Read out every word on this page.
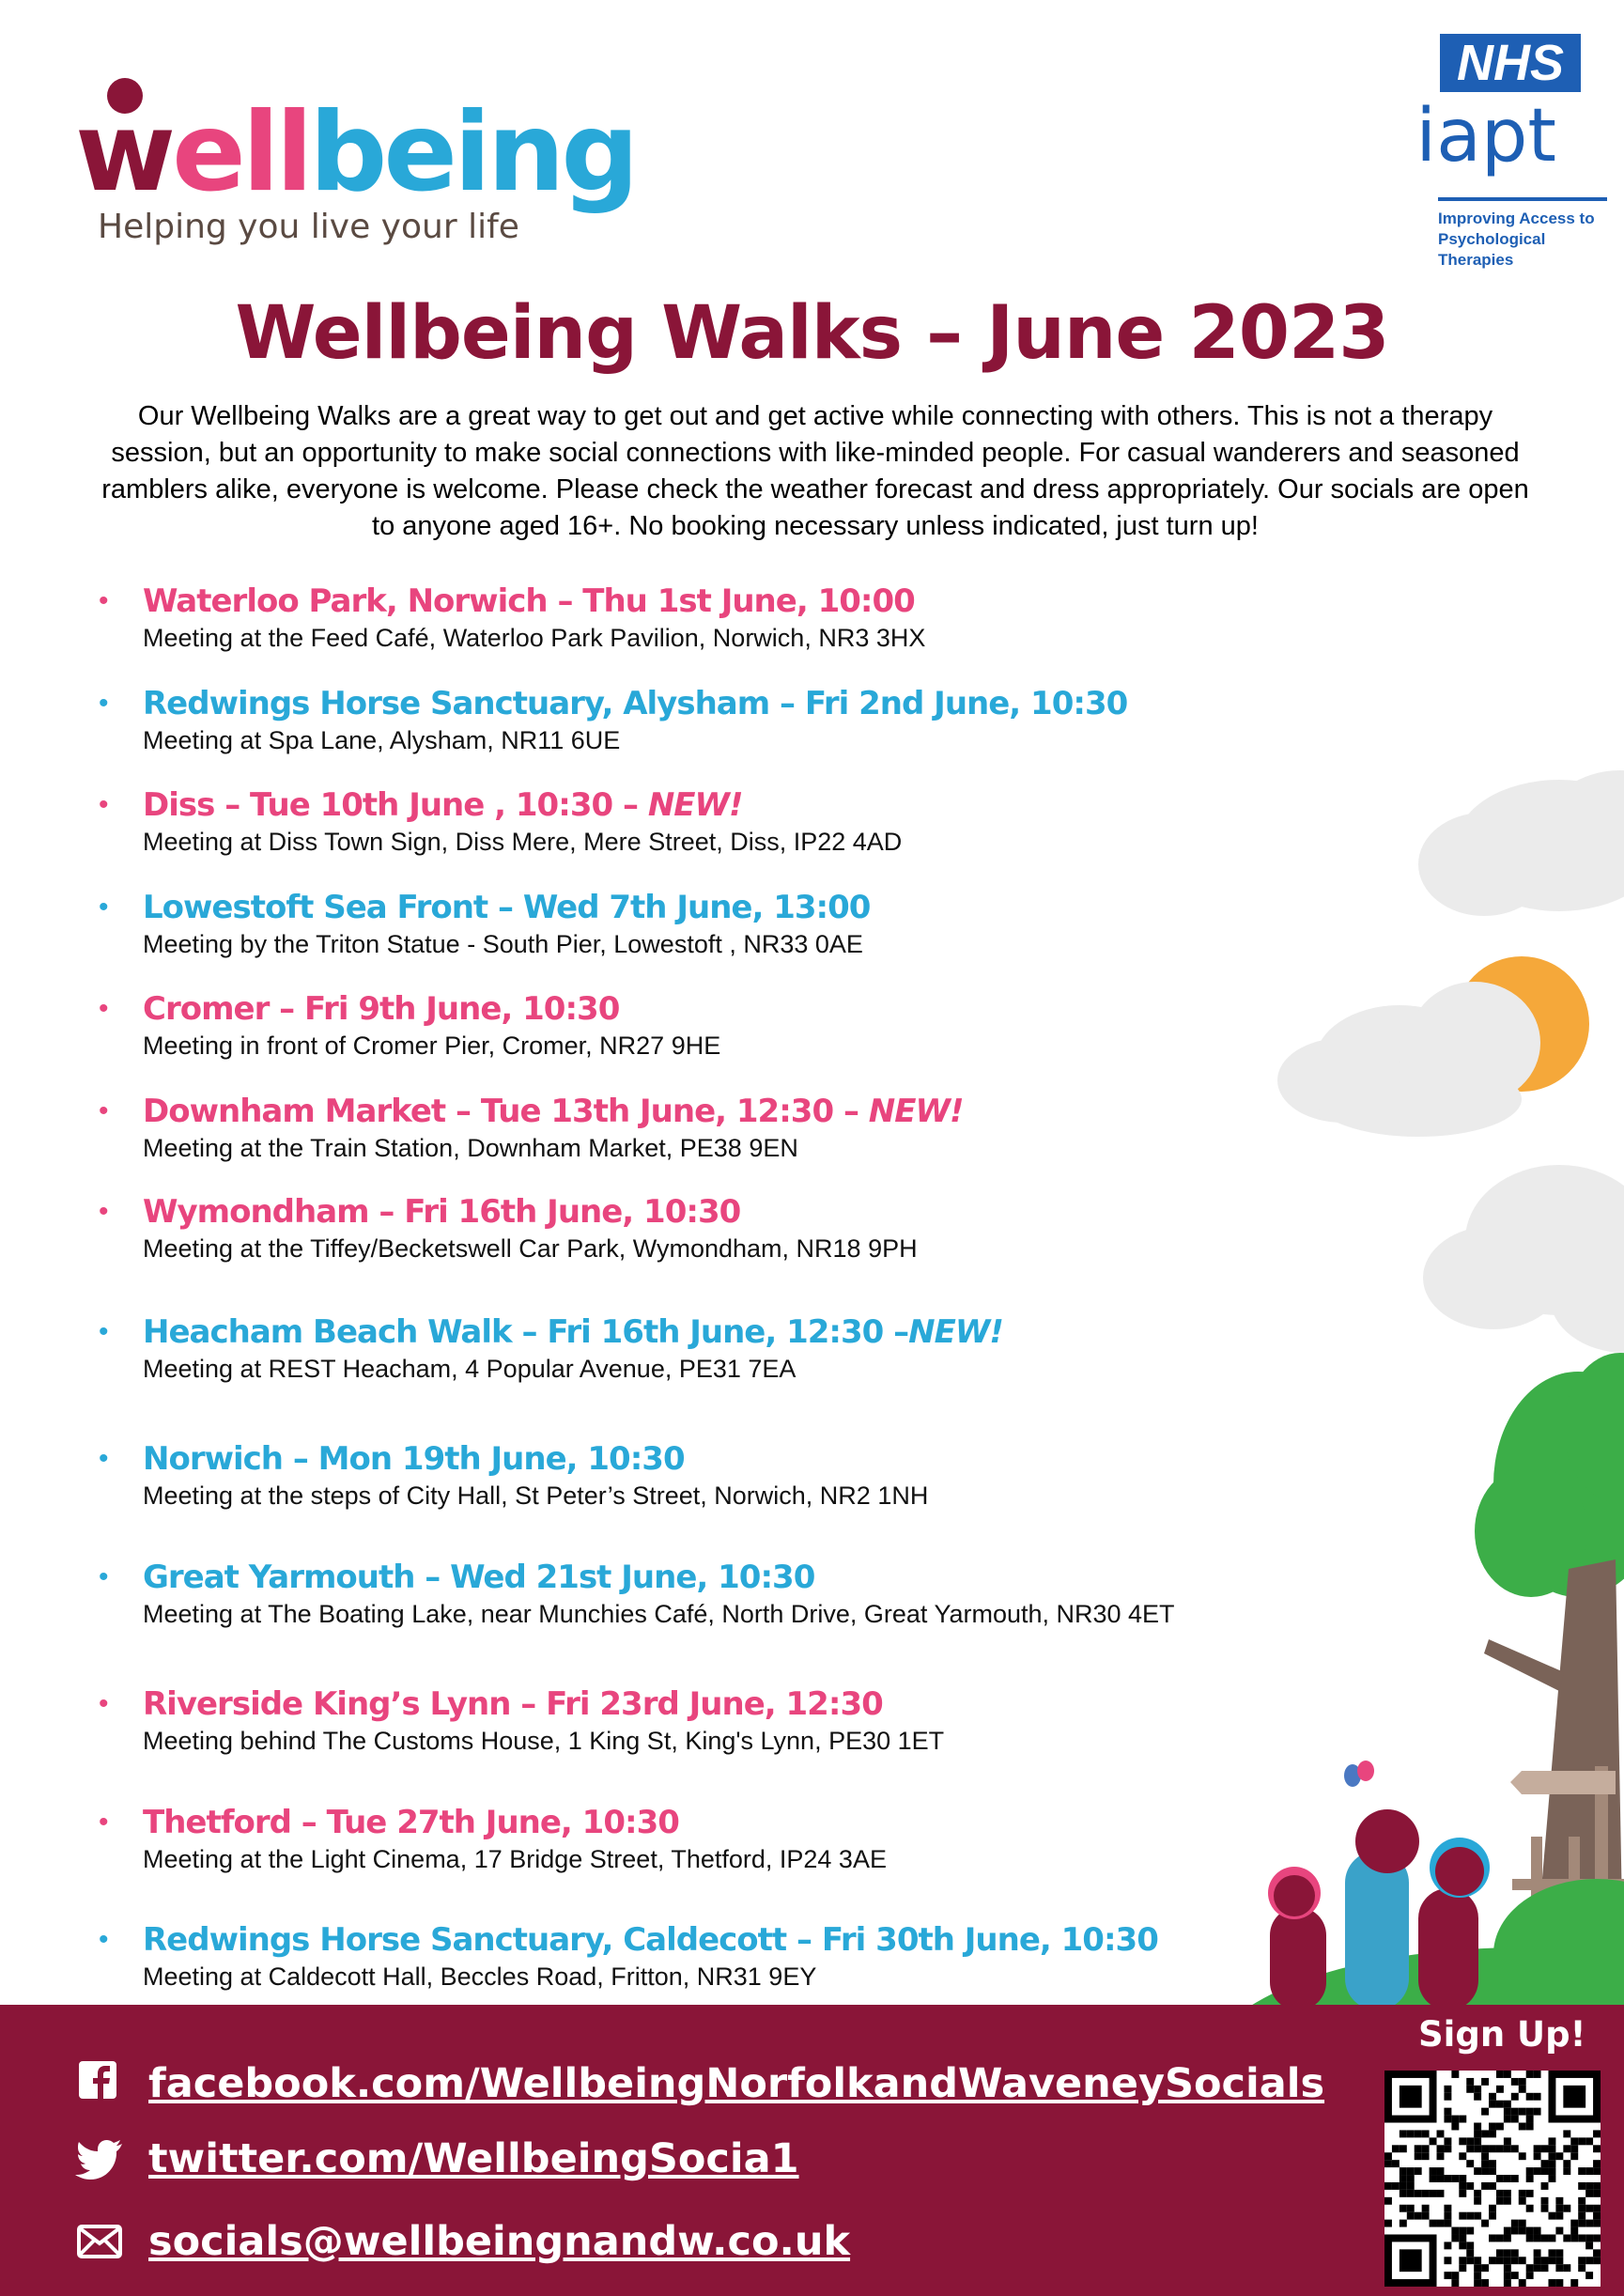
wellbeing
Helping you live your life
NHS
iapt
Improving Access to Psychological Therapies
Wellbeing Walks – June 2023
Our Wellbeing Walks are a great way to get out and get active while connecting with others. This is not a therapy session, but an opportunity to make social connections with like-minded people. For casual wanderers and seasoned ramblers alike, everyone is welcome. Please check the weather forecast and dress appropriately. Our socials are open to anyone aged 16+. No booking necessary unless indicated, just turn up!
• Waterloo Park, Norwich – Thu 1st June, 10:00
Meeting at the Feed Café, Waterloo Park Pavilion, Norwich, NR3 3HX
• Redwings Horse Sanctuary, Alysham – Fri 2nd June, 10:30
Meeting at Spa Lane, Alysham, NR11 6UE
• Diss – Tue 10th June , 10:30 – NEW!
Meeting at Diss Town Sign, Diss Mere, Mere Street, Diss, IP22 4AD
• Lowestoft Sea Front – Wed 7th June, 13:00
Meeting by the Triton Statue - South Pier, Lowestoft , NR33 0AE
• Cromer – Fri 9th June, 10:30
Meeting in front of Cromer Pier, Cromer, NR27 9HE
• Downham Market – Tue 13th June, 12:30 – NEW!
Meeting at the Train Station, Downham Market, PE38 9EN
• Wymondham – Fri 16th June, 10:30
Meeting at the Tiffey/Becketswell Car Park, Wymondham, NR18 9PH
• Heacham Beach Walk – Fri 16th June, 12:30 –NEW!
Meeting at REST Heacham, 4 Popular Avenue, PE31 7EA
• Norwich – Mon 19th June, 10:30
Meeting at the steps of City Hall, St Peter’s Street, Norwich, NR2 1NH
• Great Yarmouth – Wed 21st June, 10:30
Meeting at The Boating Lake, near Munchies Café, North Drive, Great Yarmouth, NR30 4ET
• Riverside King’s Lynn – Fri 23rd June, 12:30
Meeting behind The Customs House, 1 King St, King's Lynn, PE30 1ET
• Thetford – Tue 27th June, 10:30
Meeting at the Light Cinema, 17 Bridge Street, Thetford, IP24 3AE
• Redwings Horse Sanctuary, Caldecott – Fri 30th June, 10:30
Meeting at Caldecott Hall, Beccles Road, Fritton, NR31 9EY
facebook.com/WellbeingNorfolkandWaveneySocials
twitter.com/WellbeingSocia1
socials@wellbeingnandw.co.uk
Sign Up!
